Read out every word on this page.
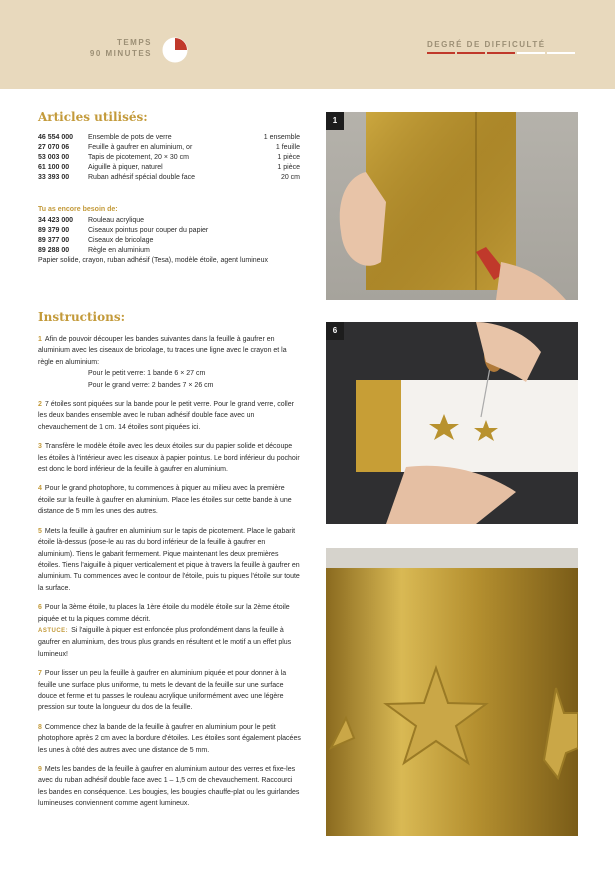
TEMPS
90 MINUTES
DEGRÉ DE DIFFICULTÉ
Articles utilisés:
46 554 000	Ensemble de pots de verre	1 ensemble
27 070 06	Feuille à gaufrer en aluminium, or	1 feuille
53 003 00	Tapis de picotement, 20 × 30 cm	1 pièce
61 100 00	Aiguille à piquer, naturel	1 pièce
33 393 00	Ruban adhésif spécial double face	20 cm
Tu as encore besoin de:
34 423 000	Rouleau acrylique
89 379 00	Ciseaux pointus pour couper du papier
89 377 00	Ciseaux de bricolage
89 288 00	Règle en aluminium
Papier solide, crayon, ruban adhésif (Tesa), modèle étoile, agent lumineux
Instructions:
1 Afin de pouvoir découper les bandes suivantes dans la feuille à gaufrer en aluminium avec les ciseaux de bricolage, tu traces une ligne avec le crayon et la règle en aluminium:
Pour le petit verre: 1 bande 6 × 27 cm
Pour le grand verre: 2 bandes 7 × 26 cm
2 7 étoiles sont piquées sur la bande pour le petit verre. Pour le grand verre, coller les deux bandes ensemble avec le ruban adhésif double face avec un chevauchement de 1 cm. 14 étoiles sont piquées ici.
3 Transfère le modèle étoile avec les deux étoiles sur du papier solide et découpe les étoiles à l'intérieur avec les ciseaux à papier pointus. Le bord inférieur du pochoir est donc le bord inférieur de la feuille à gaufrer en aluminium.
4 Pour le grand photophore, tu commences à piquer au milieu avec la première étoile sur la feuille à gaufrer en aluminium. Place les étoiles sur cette bande à une distance de 5 mm les unes des autres.
5 Mets la feuille à gaufrer en aluminium sur le tapis de picotement. Place le gabarit étoile là-dessus (pose-le au ras du bord inférieur de la feuille à gaufrer en aluminium). Tiens le gabarit fermement. Pique maintenant les deux premières étoiles. Tiens l'aiguille à piquer verticalement et pique à travers la feuille à gaufrer en aluminium. Tu commences avec le contour de l'étoile, puis tu piques l'étoile sur toute la surface.
6 Pour la 3ème étoile, tu places la 1ère étoile du modèle étoile sur la 2ème étoile piquée et tu la piques comme décrit.
ASTUCE: Si l'aiguille à piquer est enfoncée plus profondément dans la feuille à gaufrer en aluminium, des trous plus grands en résultent et le motif a un effet plus lumineux!
7 Pour lisser un peu la feuille à gaufrer en aluminium piquée et pour donner à la feuille une surface plus uniforme, tu mets le devant de la feuille sur une surface douce et ferme et tu passes le rouleau acrylique uniformément avec une légère pression sur toute la longueur du dos de la feuille.
8 Commence chez la bande de la feuille à gaufrer en aluminium pour le petit photophore après 2 cm avec la bordure d'étoiles. Les étoiles sont également placées les unes à côté des autres avec une distance de 5 mm.
9 Mets les bandes de la feuille à gaufrer en aluminium autour des verres et fixe-les avec du ruban adhésif double face avec 1 – 1,5 cm de chevauchement. Raccourci les bandes en conséquence. Les bougies, les bougies chauffe-plat ou les guirlandes lumineuses conviennent comme agent lumineux.
1
6
